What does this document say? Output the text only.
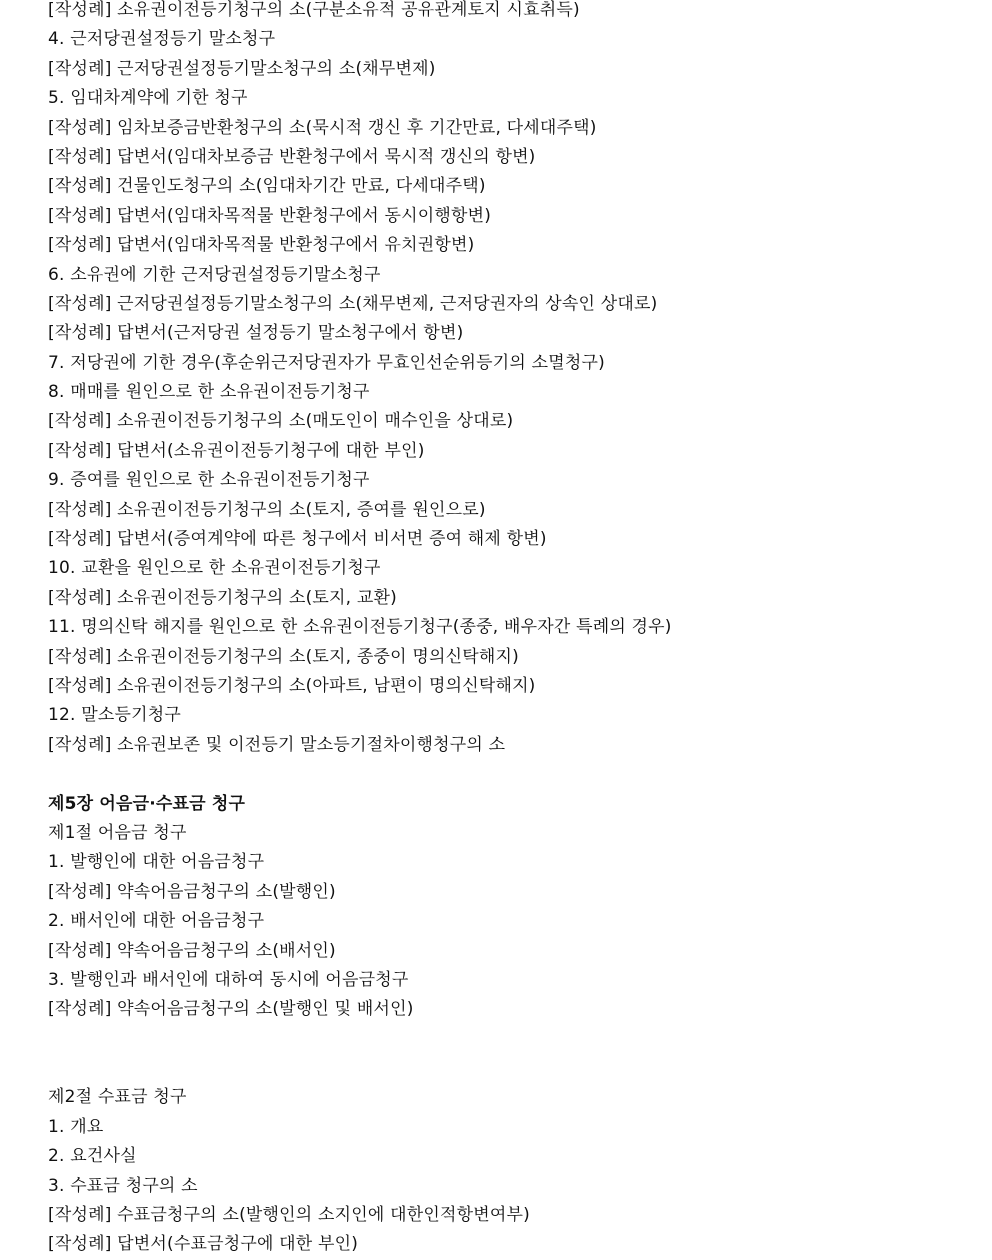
[작성례] 소유권이전등기청구의 소(구분소유적 공유관계토지 시효취득)
4. 근저당권설정등기 말소청구
[작성례] 근저당권설정등기말소청구의 소(채무변제)
5. 임대차계약에 기한 청구
[작성례] 임차보증금반환청구의 소(묵시적 갱신 후 기간만료, 다세대주택)
[작성례] 답변서(임대차보증금 반환청구에서 묵시적 갱신의 항변)
[작성례] 건물인도청구의 소(임대차기간 만료, 다세대주택)
[작성례] 답변서(임대차목적물 반환청구에서 동시이행항변)
[작성례] 답변서(임대차목적물 반환청구에서 유치권항변)
6. 소유권에 기한 근저당권설정등기말소청구
[작성례] 근저당권설정등기말소청구의 소(채무변제, 근저당권자의 상속인 상대로)
[작성례] 답변서(근저당권 설정등기 말소청구에서 항변)
7. 저당권에 기한 경우(후순위근저당권자가 무효인선순위등기의 소멸청구)
8. 매매를 원인으로 한 소유권이전등기청구
[작성례] 소유권이전등기청구의 소(매도인이 매수인을 상대로)
[작성례] 답변서(소유권이전등기청구에 대한 부인)
9. 증여를 원인으로 한 소유권이전등기청구
[작성례] 소유권이전등기청구의 소(토지, 증여를 원인으로)
[작성례] 답변서(증여계약에 따른 청구에서 비서면 증여 해제 항변)
10. 교환을 원인으로 한 소유권이전등기청구
[작성례] 소유권이전등기청구의 소(토지, 교환)
11. 명의신탁 해지를 원인으로 한 소유권이전등기청구(종중, 배우자간 특례의 경우)
[작성례] 소유권이전등기청구의 소(토지, 종중이 명의신탁해지)
[작성례] 소유권이전등기청구의 소(아파트, 남편이 명의신탁해지)
12. 말소등기청구
[작성례] 소유권보존 및 이전등기 말소등기절차이행청구의 소
제5장 어음금·수표금 청구
제1절 어음금 청구
1. 발행인에 대한 어음금청구
[작성례] 약속어음금청구의 소(발행인)
2. 배서인에 대한 어음금청구
[작성례] 약속어음금청구의 소(배서인)
3. 발행인과 배서인에 대하여 동시에 어음금청구
[작성례] 약속어음금청구의 소(발행인 및 배서인)
제2절 수표금 청구
1. 개요
2. 요건사실
3. 수표금 청구의 소
[작성례] 수표금청구의 소(발행인의 소지인에 대한인적항변여부)
[작성례] 답변서(수표금청구에 대한 부인)
